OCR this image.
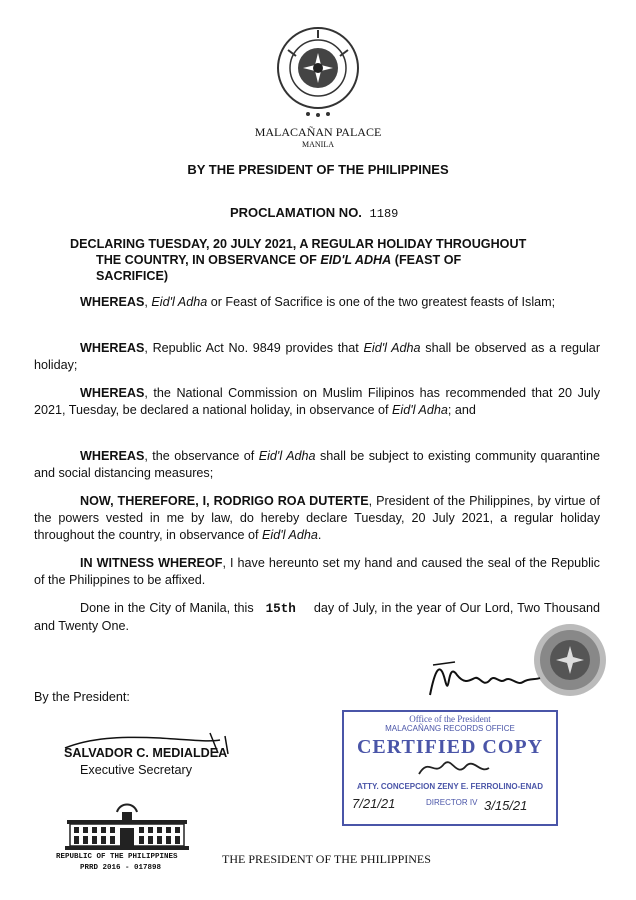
MALACAÑAN PALACE
MANILA
BY THE PRESIDENT OF THE PHILIPPINES
PROCLAMATION NO. 1189
DECLARING TUESDAY, 20 JULY 2021, A REGULAR HOLIDAY THROUGHOUT
THE COUNTRY, IN OBSERVANCE OF EID'L ADHA (FEAST OF
SACRIFICE)
WHEREAS, Eid'l Adha or Feast of Sacrifice is one of the two greatest feasts of Islam;
WHEREAS, Republic Act No. 9849 provides that Eid'l Adha shall be observed as a regular holiday;
WHEREAS, the National Commission on Muslim Filipinos has recommended that 20 July 2021, Tuesday, be declared a national holiday, in observance of Eid'l Adha; and
WHEREAS, the observance of Eid'l Adha shall be subject to existing community quarantine and social distancing measures;
NOW, THEREFORE, I, RODRIGO ROA DUTERTE, President of the Philippines, by virtue of the powers vested in me by law, do hereby declare Tuesday, 20 July 2021, a regular holiday throughout the country, in observance of Eid'l Adha.
IN WITNESS WHEREOF, I have hereunto set my hand and caused the seal of the Republic of the Philippines to be affixed.
Done in the City of Manila, this 15th day of July, in the year of Our Lord, Two Thousand and Twenty One.
By the President:
SALVADOR C. MEDIALDEA
Executive Secretary
Office of the President
MALACAÑANG RECORDS OFFICE
CERTIFIED COPY
ATTY. CONCEPCION ZENY E. FERROLINO-ENAD
7/21/21	DIRECTOR IV 3/15/21
REPUBLIC OF THE PHILIPPINES
PRRD 2016 - 017898
THE PRESIDENT OF THE PHILIPPINES
